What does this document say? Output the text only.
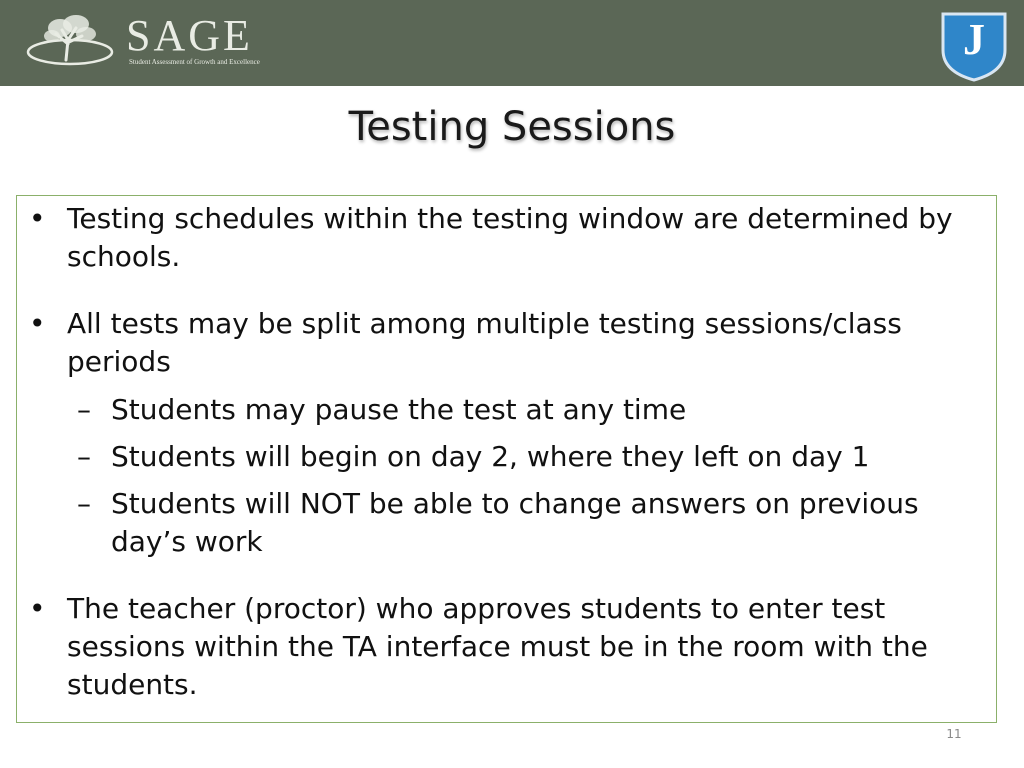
SAGE
Student Assessment of Growth and Excellence	J
Testing Sessions
• Testing schedules within the testing window are determined by schools.
• All tests may be split among multiple testing sessions/class periods
– Students may pause the test at any time
– Students will begin on day 2, where they left on day 1
– Students will NOT be able to change answers on previous day’s work
• The teacher (proctor) who approves students to enter test sessions within the TA interface must be in the room with the students.
11
